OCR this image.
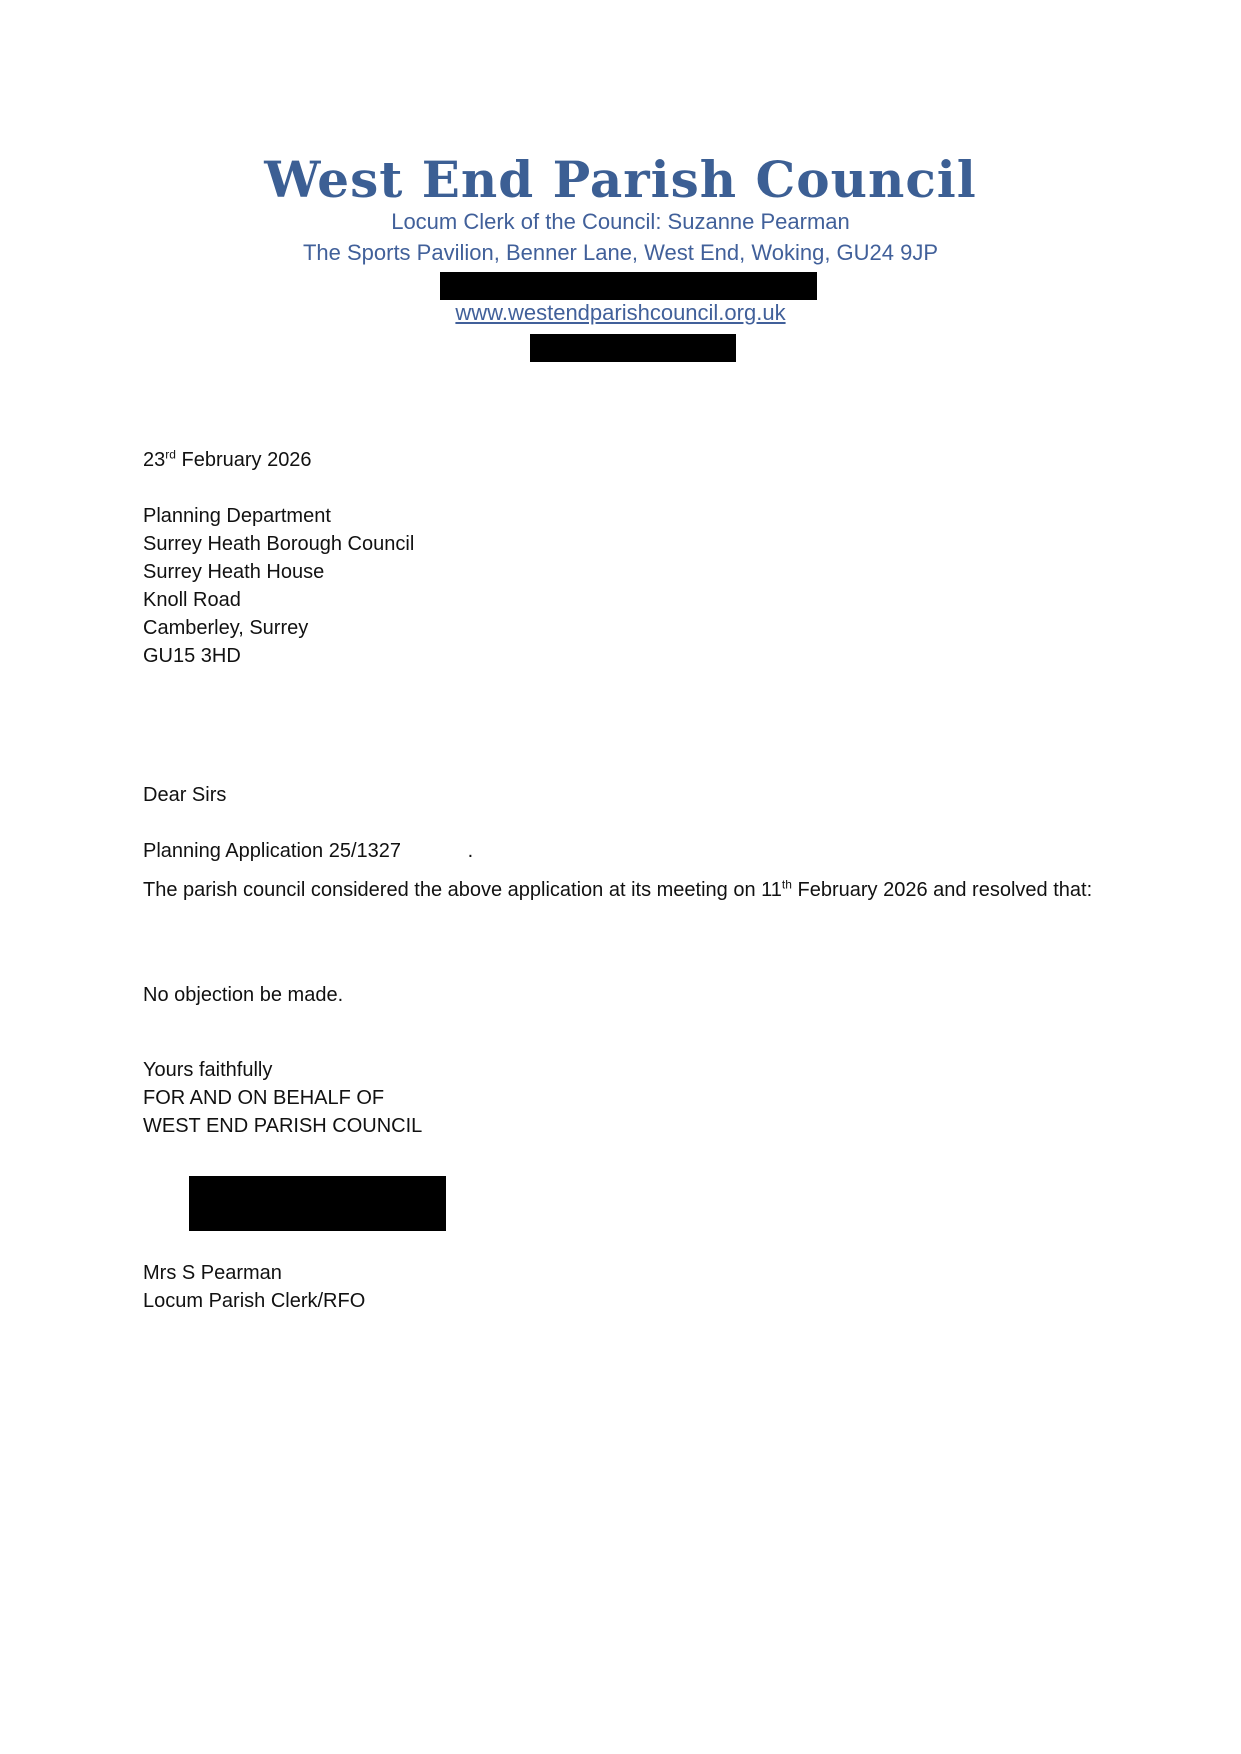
West End Parish Council
Locum Clerk of the Council: Suzanne Pearman
The Sports Pavilion, Benner Lane, West End, Woking, GU24 9JP
www.westendparishcouncil.org.uk
23rd February 2026
Planning Department
Surrey Heath Borough Council
Surrey Heath House
Knoll Road
Camberley, Surrey
GU15 3HD
Dear Sirs
Planning Application 25/1327            .
The parish council considered the above application at its meeting on 11th February 2026 and resolved that:
No objection be made.
Yours faithfully
FOR AND ON BEHALF OF
WEST END PARISH COUNCIL
Mrs S Pearman
Locum Parish Clerk/RFO
